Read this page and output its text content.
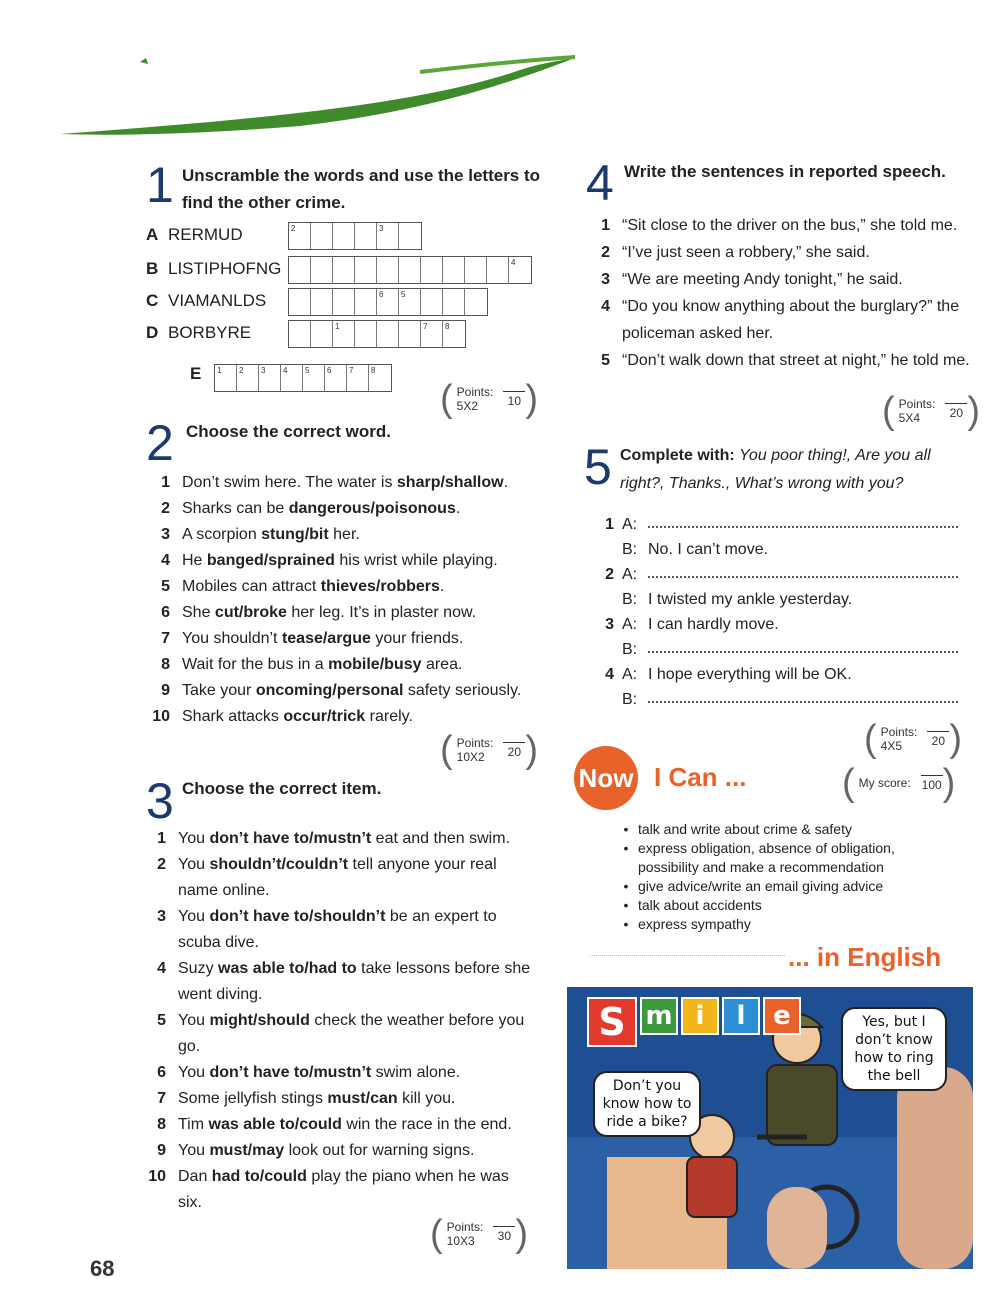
1 Unscramble the words and use the letters to find the other crime.
A RERMUD	2	3
B LISTIPHOFNG	4
C VIAMANLDS	6 5
D BORBYRE	1	7 8
E 1 2 3 4 5 6 7 8
( Points:
5X2	10 )
2 Choose the correct word.
1 Don’t swim here. The water is sharp/shallow.
2 Sharks can be dangerous/poisonous.
3 A scorpion stung/bit her.
4 He banged/sprained his wrist while playing.
5 Mobiles can attract thieves/robbers.
6 She cut/broke her leg. It’s in plaster now.
7 You shouldn’t tease/argue your friends.
8 Wait for the bus in a mobile/busy area.
9 Take your oncoming/personal safety seriously.
10 Shark attacks occur/trick rarely.
( Points:
10X2	20 )
3 Choose the correct item.
1 You don’t have to/mustn’t eat and then swim.
2 You shouldn’t/couldn’t tell anyone your real name online.
3 You don’t have to/shouldn’t be an expert to scuba dive.
4 Suzy was able to/had to take lessons before she went diving.
5 You might/should check the weather before you go.
6 You don’t have to/mustn’t swim alone.
7 Some jellyfish stings must/can kill you.
8 Tim was able to/could win the race in the end.
9 You must/may look out for warning signs.
10 Dan had to/could play the piano when he was six.
( Points:
10X3	30 )
68
4 Write the sentences in reported speech.
1 “Sit close to the driver on the bus,” she told me.
2 “I’ve just seen a robbery,” she said.
3 “We are meeting Andy tonight,” he said.
4 “Do you know anything about the burglary?” the policeman asked her.
5 “Don’t walk down that street at night,” he told me.
( Points:
5X4	20 )
5 Complete with: You poor thing!, Are you all right?, Thanks., What’s wrong with you?
1 A:
B: No. I can’t move.
2 A:
B: I twisted my ankle yesterday.
3 A: I can hardly move.
B:
4 A: I hope everything will be OK.
B:
( Points:
4X5	20 )
Now I Can ...	( My score: 100 )
• talk and write about crime & safety
• express obligation, absence of obligation, possibility and make a recommendation
• give advice/write an email giving advice
• talk about accidents
• express sympathy
... in English
S m i	l	e
Don’t you know how to ride a bike?
Yes, but I don’t know how to ring the bell
